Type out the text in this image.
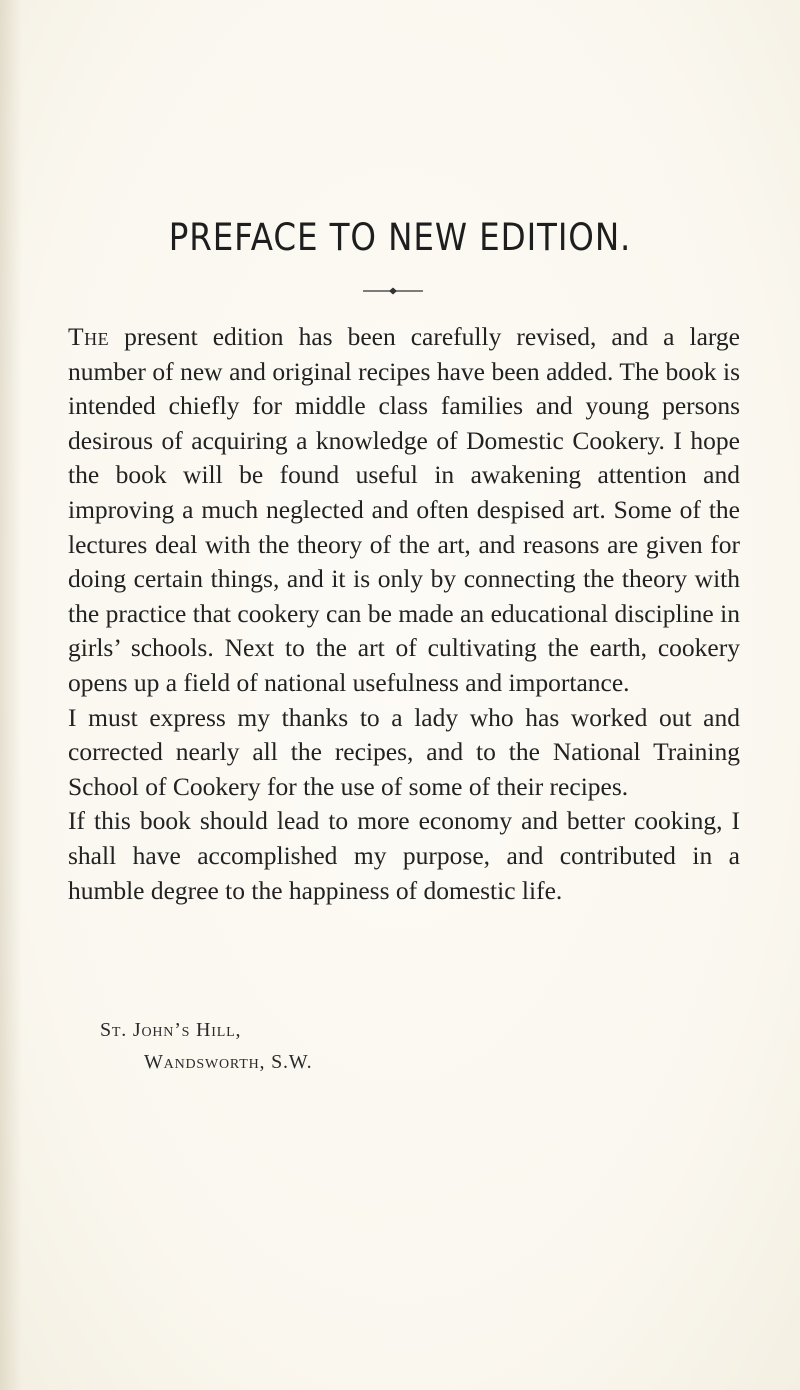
PREFACE TO NEW EDITION.

The present edition has been carefully revised, and a large number of new and original recipes have been added. The book is intended chiefly for middle class families and young persons desirous of acquiring a knowledge of Domestic Cookery. I hope the book will be found useful in awakening attention and improving a much neglected and often despised art. Some of the lectures deal with the theory of the art, and reasons are given for doing certain things, and it is only by connecting the theory with the practice that cookery can be made an educational discipline in girls’ schools. Next to the art of cultivating the earth, cookery opens up a field of national usefulness and importance.

I must express my thanks to a lady who has worked out and corrected nearly all the recipes, and to the National Training School of Cookery for the use of some of their recipes.

If this book should lead to more economy and better cooking, I shall have accomplished my purpose, and contributed in a humble degree to the happiness of domestic life.

St. John’s Hill,
Wandsworth, S.W.
